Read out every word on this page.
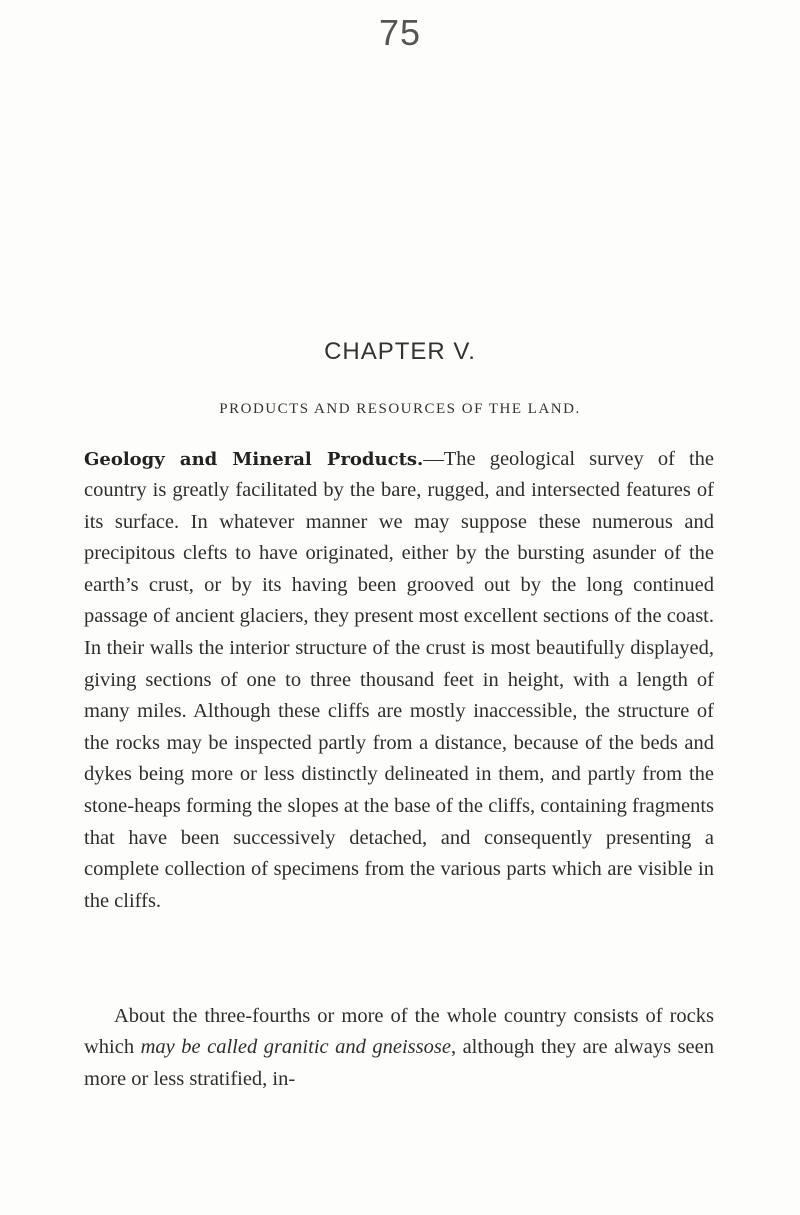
75
CHAPTER V.
PRODUCTS AND RESOURCES OF THE LAND.

Geology and Mineral Products.—The geological survey of the country is greatly facilitated by the bare, rugged, and intersected features of its surface. In whatever manner we may suppose these numerous and precipitous clefts to have originated, either by the bursting asunder of the earth’s crust, or by its having been grooved out by the long continued passage of ancient glaciers, they present most excellent sections of the coast. In their walls the interior structure of the crust is most beautifully displayed, giving sections of one to three thousand feet in height, with a length of many miles. Although these cliffs are mostly inaccessible, the structure of the rocks may be inspected partly from a distance, because of the beds and dykes being more or less distinctly delineated in them, and partly from the stone-heaps forming the slopes at the base of the cliffs, containing fragments that have been successively detached, and consequently presenting a complete collection of specimens from the various parts which are visible in the cliffs.

About the three-fourths or more of the whole country consists of rocks which may be called granitic and gneissose, although they are always seen more or less stratified, in-
